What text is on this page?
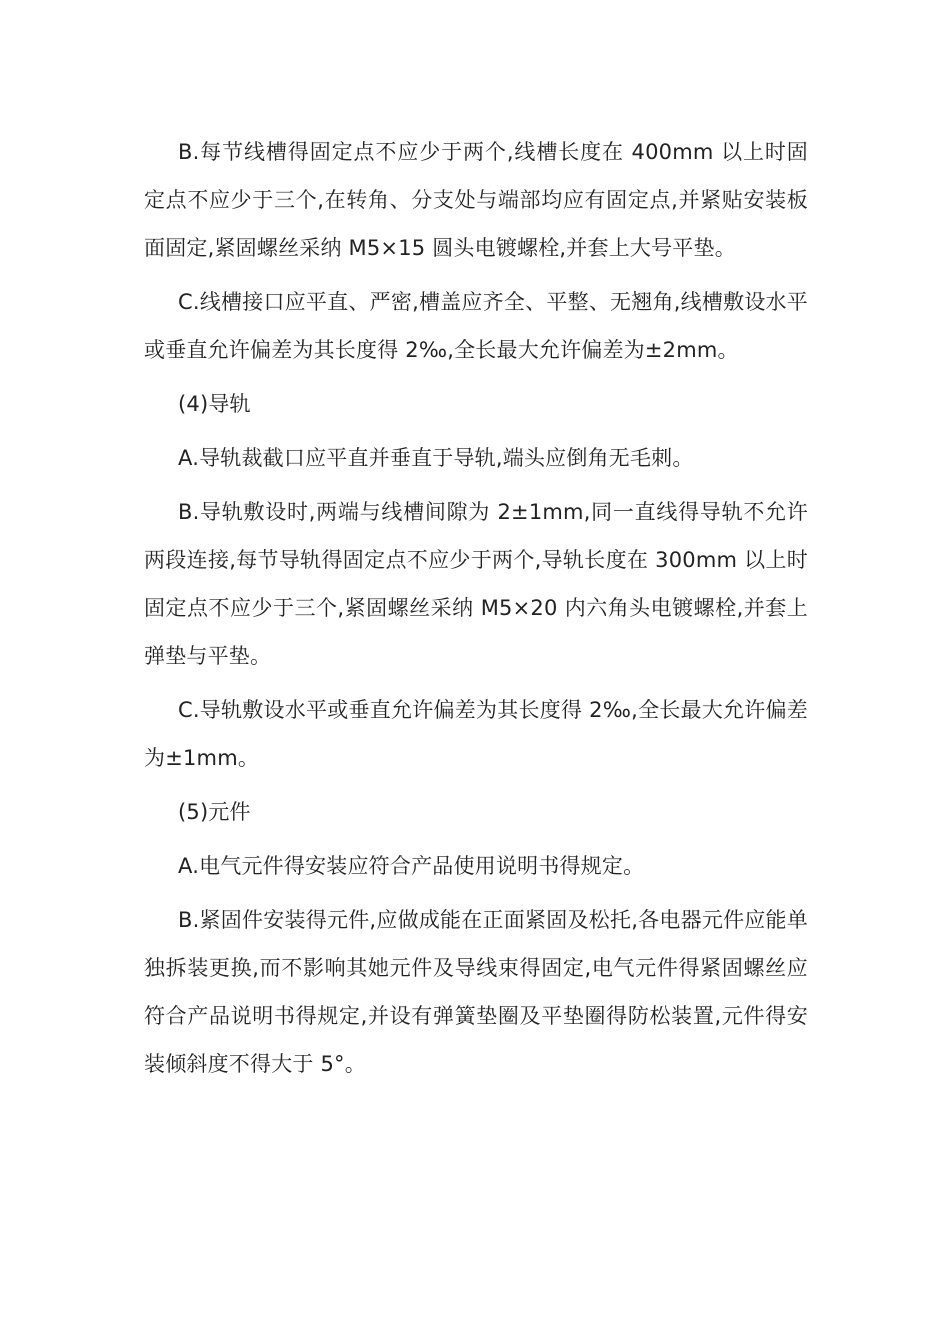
B.每节线槽得固定点不应少于两个,线槽长度在 400mm 以上时固定点不应少于三个,在转角、分支处与端部均应有固定点,并紧贴安装板面固定,紧固螺丝采纳 M5×15 圆头电镀螺栓,并套上大号平垫。

C.线槽接口应平直、严密,槽盖应齐全、平整、无翘角,线槽敷设水平或垂直允许偏差为其长度得 2‰,全长最大允许偏差为±2mm。

(4)导轨

A.导轨裁截口应平直并垂直于导轨,端头应倒角无毛刺。

B.导轨敷设时,两端与线槽间隙为 2±1mm,同一直线得导轨不允许两段连接,每节导轨得固定点不应少于两个,导轨长度在 300mm 以上时固定点不应少于三个,紧固螺丝采纳 M5×20 内六角头电镀螺栓,并套上弹垫与平垫。

C.导轨敷设水平或垂直允许偏差为其长度得 2‰,全长最大允许偏差为±1mm。

(5)元件

A.电气元件得安装应符合产品使用说明书得规定。

B.紧固件安装得元件,应做成能在正面紧固及松托,各电器元件应能单独拆装更换,而不影响其她元件及导线束得固定,电气元件得紧固螺丝应符合产品说明书得规定,并设有弹簧垫圈及平垫圈得防松装置,元件得安装倾斜度不得大于 5°。
